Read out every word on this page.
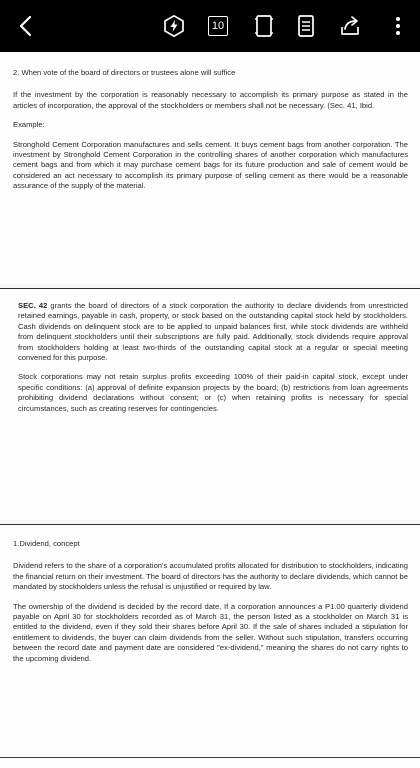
10

2. When vote of the board of directors or trustees alone will suffice

If the investment by the corporation is reasonably necessary to accomplish its primary purpose as stated in the articles of incorporation, the approval of the stockholders or members shall not be necessary. (Sec. 41, Ibid.

Example:

Stronghold Cement Corporation manufactures and sells cement. It buys cement bags from another corporation. The investment by Stronghold Cement Corporation in the controlling shares of another corporation which manufactures cement bags and from which it may purchase cement bags for its future production and sale of cement would be considered an act necessary to accomplish its primary purpose of selling cement as there would be a reasonable assurance of the supply of the material.

SEC. 42 grants the board of directors of a stock corporation the authority to declare dividends from unrestricted retained earnings, payable in cash, property, or stock based on the outstanding capital stock held by stockholders. Cash dividends on delinquent stock are to be applied to unpaid balances first, while stock dividends are withheld from delinquent stockholders until their subscriptions are fully paid. Additionally, stock dividends require approval from stockholders holding at least two-thirds of the outstanding capital stock at a regular or special meeting convened for this purpose.

Stock corporations may not retain surplus profits exceeding 100% of their paid-in capital stock, except under specific conditions: (a) approval of definite expansion projects by the board; (b) restrictions from loan agreements prohibiting dividend declarations without consent; or (c) when retaining profits is necessary for special circumstances, such as creating reserves for contingencies.

1.Dividend, concept

Dividend refers to the share of a corporation's accumulated profits allocated for distribution to stockholders, indicating the financial return on their investment. The board of directors has the authority to declare dividends, which cannot be mandated by stockholders unless the refusal is unjustified or required by law.

The ownership of the dividend is decided by the record date. If a corporation announces a P1.00 quarterly dividend payable on April 30 for stockholders recorded as of March 31, the person listed as a stockholder on March 31 is entitled to the dividend, even if they sold their shares before April 30. If the sale of shares included a stipulation for entitlement to dividends, the buyer can claim dividends from the seller. Without such stipulation, transfers occurring between the record date and payment date are considered "ex-dividend," meaning the shares do not carry rights to the upcoming dividend.
